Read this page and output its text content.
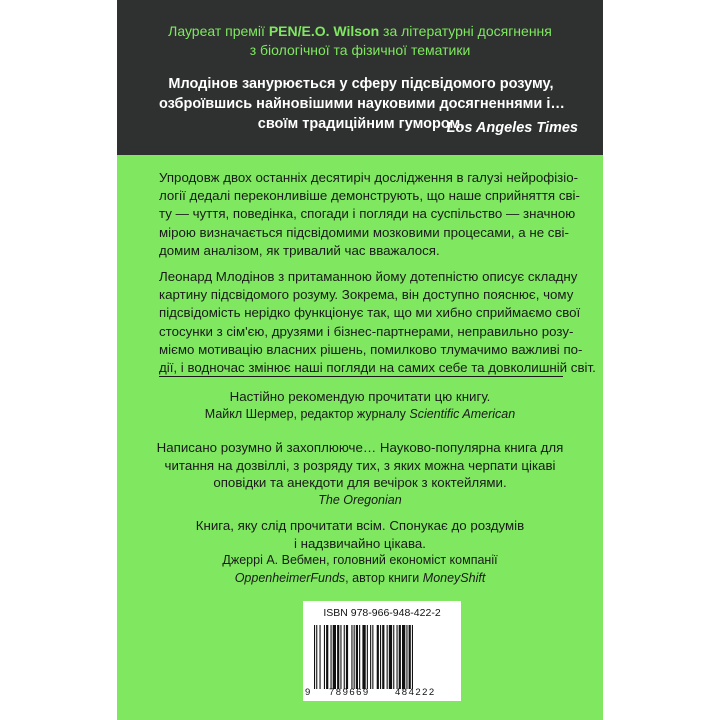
Лауреат премії PEN/E.O. Wilson за літературні досягнення
з біологічної та фізичної тематики
Млодінов занурюється у сферу підсвідомого розуму,
озброївшись найновішими науковими досягненнями і…
своїм традиційним гумором.
Los Angeles Times
Упродовж двох останніх десятиріч дослідження в галузі нейрофізіо-
логії дедалі переконливіше демонструють, що наше сприйняття сві-
ту — чуття, поведінка, спогади і погляди на суспільство — значною
мірою визначається підсвідомими мозковими процесами, а не сві-
домим аналізом, як тривалий час вважалося.
Леонард Млодінов з притаманною йому дотепністю описує складну
картину підсвідомого розуму. Зокрема, він доступно пояснює, чому
підсвідомість нерідко функціонує так, що ми хибно сприймаємо свої
стосунки з сім'єю, друзями і бізнес-партнерами, неправильно розу-
міємо мотивацію власних рішень, помилково тлумачимо важливі по-
дії, і водночас змінює наші погляди на самих себе та довколишній світ.
Настійно рекомендую прочитати цю книгу.
Майкл Шермер, редактор журналу Scientific American
Написано розумно й захоплююче… Науково-популярна книга для
читання на дозвіллі, з розряду тих, з яких можна черпати цікаві
оповідки та анекдоти для вечірок з коктейлями.
The Oregonian
Книга, яку слід прочитати всім. Спонукає до роздумів
і надзвичайно цікава.
Джеррі А. Вебмен, головний економіст компанії
OppenheimerFunds, автор книги MoneyShift
ISBN 978-966-948-422-2
9 789669	484222
